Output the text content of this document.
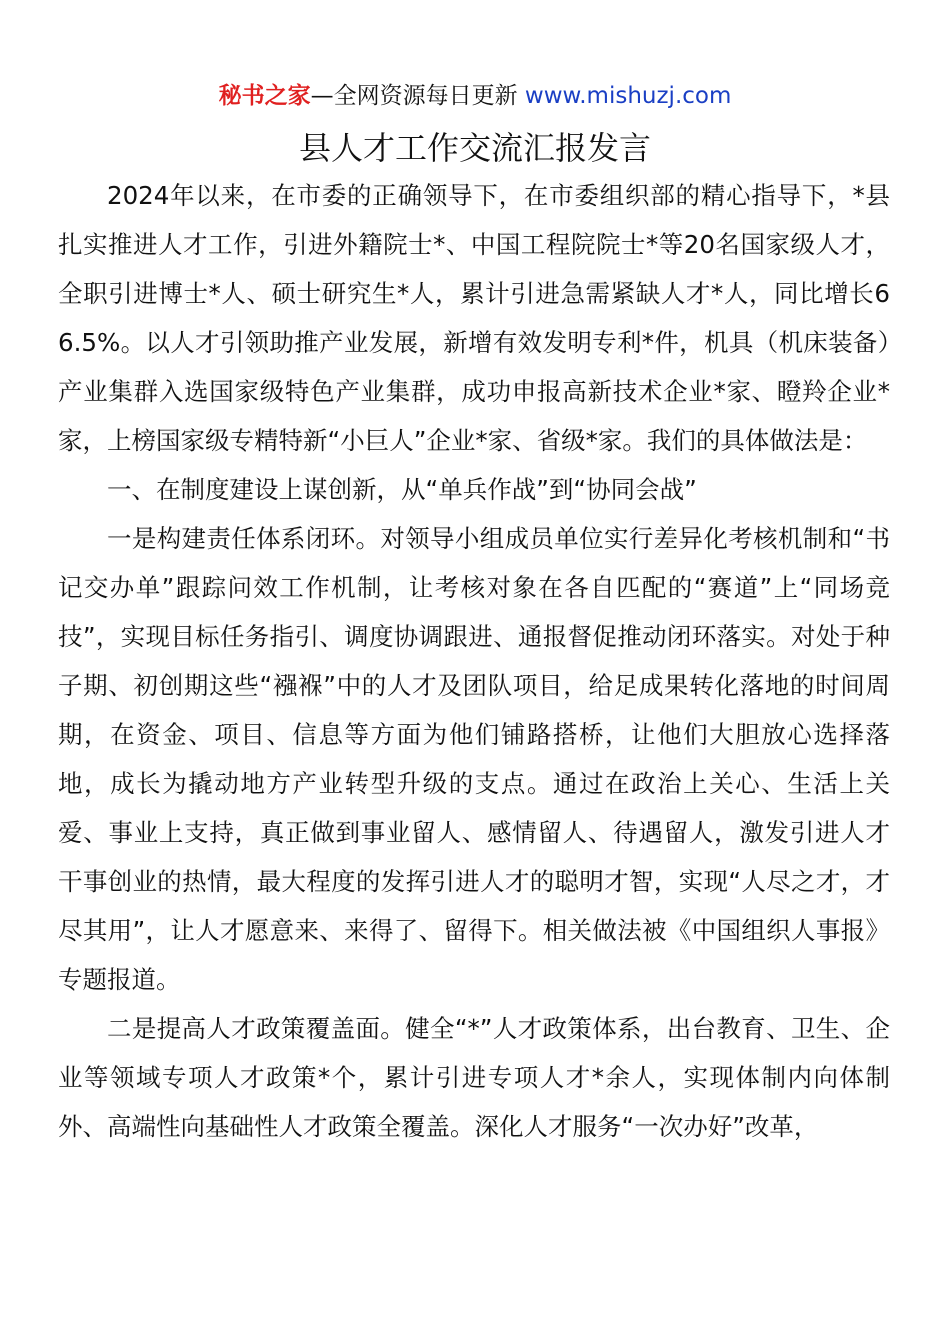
秘书之家—全网资源每日更新 www.mishuzj.com
县人才工作交流汇报发言

2024年以来，在市委的正确领导下，在市委组织部的精心指导下，*县扎实推进人才工作，引进外籍院士*、中国工程院院士*等20名国家级人才，全职引进博士*人、硕士研究生*人，累计引进急需紧缺人才*人，同比增长66.5%。以人才引领助推产业发展，新增有效发明专利*件，机具（机床装备）产业集群入选国家级特色产业集群，成功申报高新技术企业*家、瞪羚企业*家，上榜国家级专精特新“小巨人”企业*家、省级*家。我们的具体做法是：

一、在制度建设上谋创新，从“单兵作战”到“协同会战”

一是构建责任体系闭环。对领导小组成员单位实行差异化考核机制和“书记交办单”跟踪问效工作机制，让考核对象在各自匹配的“赛道”上“同场竞技”，实现目标任务指引、调度协调跟进、通报督促推动闭环落实。对处于种子期、初创期这些“襁褓”中的人才及团队项目，给足成果转化落地的时间周期，在资金、项目、信息等方面为他们铺路搭桥，让他们大胆放心选择落地，成长为撬动地方产业转型升级的支点。通过在政治上关心、生活上关爱、事业上支持，真正做到事业留人、感情留人、待遇留人，激发引进人才干事创业的热情，最大程度的发挥引进人才的聪明才智，实现“人尽之才，才尽其用”，让人才愿意来、来得了、留得下。相关做法被《中国组织人事报》专题报道。

二是提高人才政策覆盖面。健全“*”人才政策体系，出台教育、卫生、企业等领域专项人才政策*个，累计引进专项人才*余人，实现体制内向体制外、高端性向基础性人才政策全覆盖。深化人才服务“一次办好”改革，
